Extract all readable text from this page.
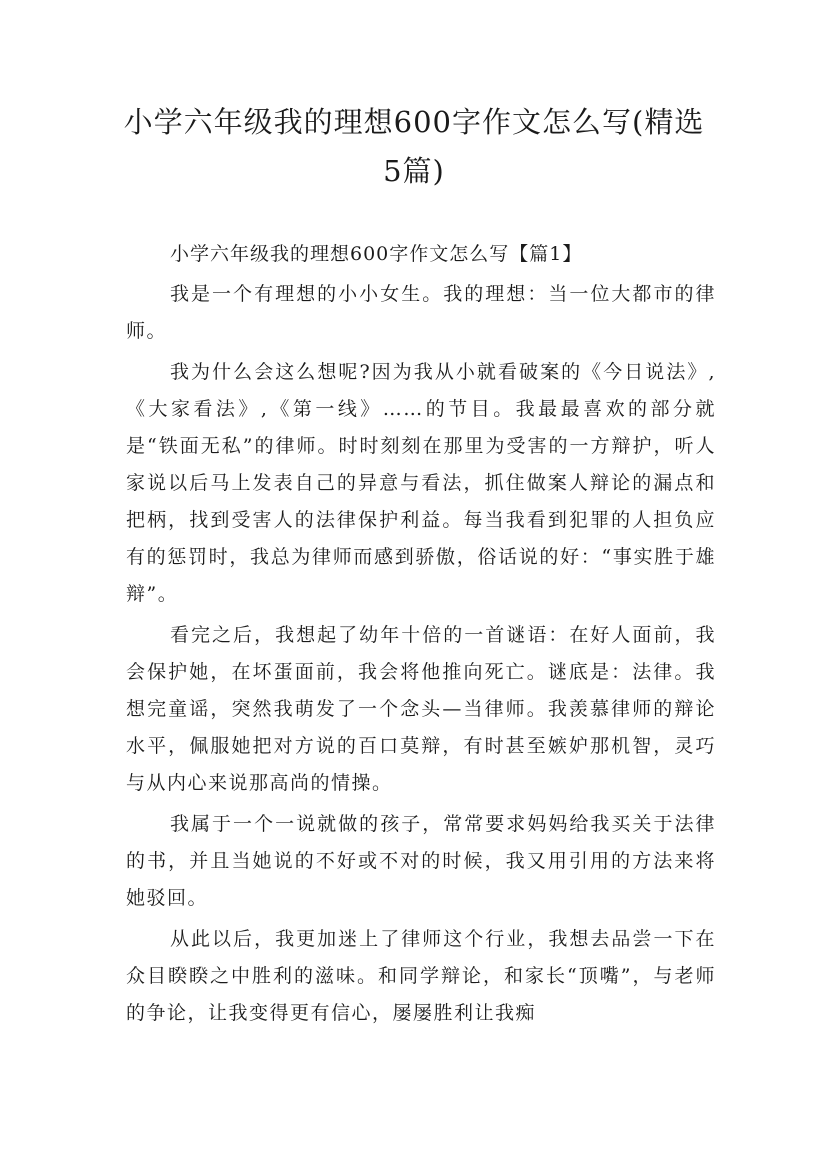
小学六年级我的理想600字作文怎么写(精选5篇)

小学六年级我的理想600字作文怎么写【篇1】

我是一个有理想的小小女生。我的理想：当一位大都市的律师。

我为什么会这么想呢?因为我从小就看破案的《今日说法》,《大家看法》,《第一线》……的节目。我最最喜欢的部分就是“铁面无私”的律师。时时刻刻在那里为受害的一方辩护，听人家说以后马上发表自己的异意与看法，抓住做案人辩论的漏点和把柄，找到受害人的法律保护利益。每当我看到犯罪的人担负应有的惩罚时，我总为律师而感到骄傲，俗话说的好：“事实胜于雄辩”。

看完之后，我想起了幼年十倍的一首谜语：在好人面前，我会保护她，在坏蛋面前，我会将他推向死亡。谜底是：法律。我想完童谣，突然我萌发了一个念头—当律师。我羡慕律师的辩论水平，佩服她把对方说的百口莫辩，有时甚至嫉妒那机智，灵巧与从内心来说那高尚的情操。

我属于一个一说就做的孩子，常常要求妈妈给我买关于法律的书，并且当她说的不好或不对的时候，我又用引用的方法来将她驳回。

从此以后，我更加迷上了律师这个行业，我想去品尝一下在众目睽睽之中胜利的滋味。和同学辩论，和家长“顶嘴”，与老师的争论，让我变得更有信心，屡屡胜利让我痴
